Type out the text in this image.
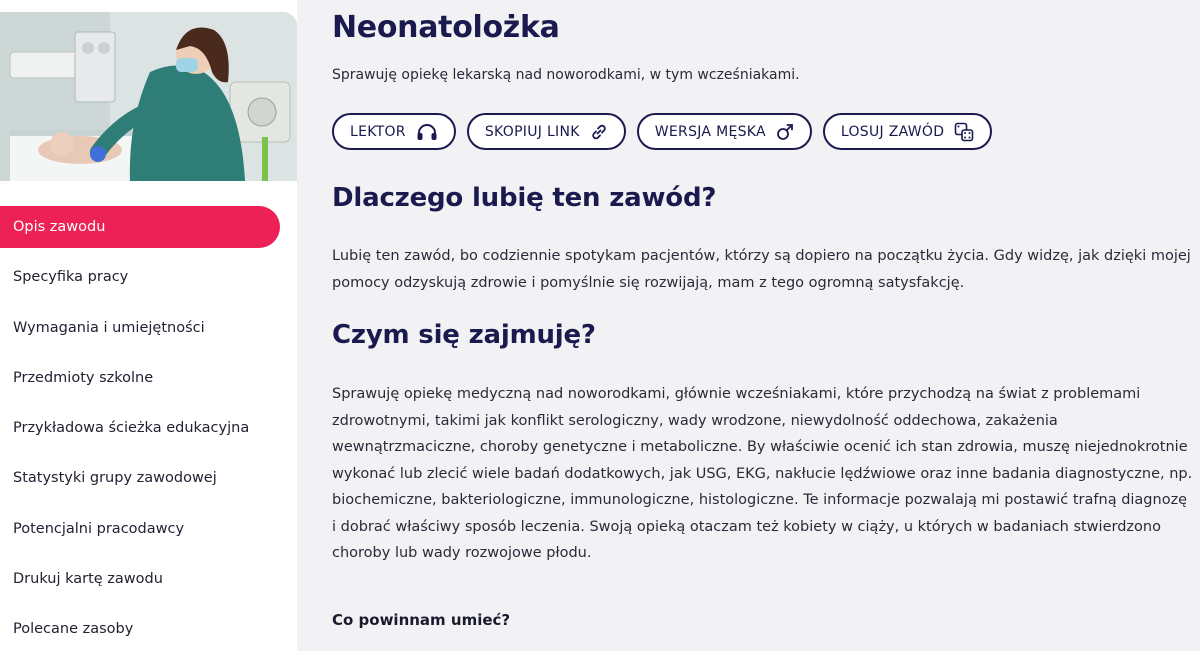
Opis zawodu
Specyfika pracy
Wymagania i umiejętności
Przedmioty szkolne
Przykładowa ścieżka edukacyjna
Statystyki grupy zawodowej
Potencjalni pracodawcy
Drukuj kartę zawodu
Polecane zasoby
Neonatolożka

Sprawuję opiekę lekarską nad noworodkami, w tym wcześniakami.

LEKTOR	SKOPIUJ LINK	WERSJA MĘSKA	LOSUJ ZAWÓD
Dlaczego lubię ten zawód?

Lubię ten zawód, bo codziennie spotykam pacjentów, którzy są dopiero na początku życia. Gdy widzę, jak dzięki mojej pomocy odzyskują zdrowie i pomyślnie się rozwijają, mam z tego ogromną satysfakcję.

Czym się zajmuję?

Sprawuję opiekę medyczną nad noworodkami, głównie wcześniakami, które przychodzą na świat z problemami zdrowotnymi, takimi jak konflikt serologiczny, wady wrodzone, niewydolność oddechowa, zakażenia wewnątrzmaciczne, choroby genetyczne i metaboliczne. By właściwie ocenić ich stan zdrowia, muszę niejednokrotnie wykonać lub zlecić wiele badań dodatkowych, jak USG, EKG, nakłucie lędźwiowe oraz inne badania diagnostyczne, np. biochemiczne, bakteriologiczne, immunologiczne, histologiczne. Te informacje pozwalają mi postawić trafną diagnozę i dobrać właściwy sposób leczenia. Swoją opieką otaczam też kobiety w ciąży, u których w badaniach stwierdzono choroby lub wady rozwojowe płodu.

Co powinnam umieć?
